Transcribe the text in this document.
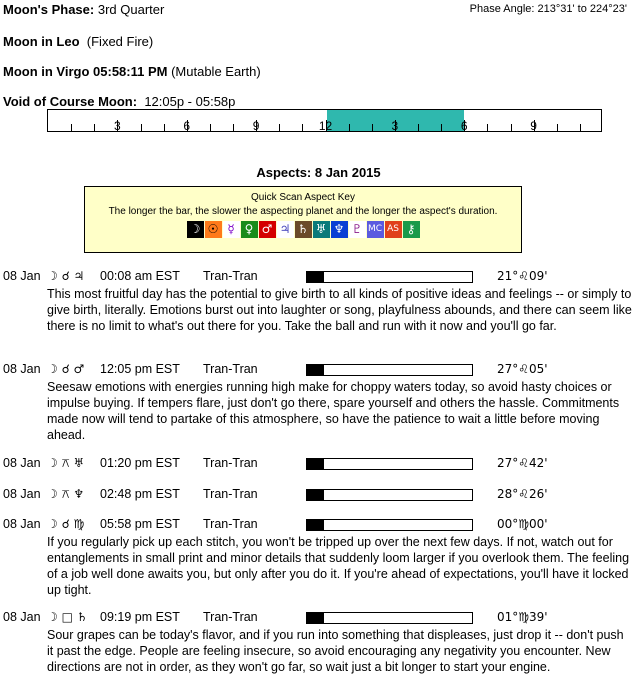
Moon's Phase: 3rd Quarter	Phase Angle: 213°31' to 224°23'
Moon in Leo (Fixed Fire)
Moon in Virgo 05:58:11 PM (Mutable Earth)
Void of Course Moon: 12:05p - 05:58p
3	6	9	12	3	6	9
Aspects: 8 Jan 2015
Quick Scan Aspect Key
The longer the bar, the slower the aspecting planet and the longer the aspect's duration.
☽ ☉ ☿ ♀ ♂ ♃ ♄ ♅ ♆ ♇ MC AS ⚷
08 Jan ☽ ☌ ♃ 00:08 am EST Tran-Tran	21°♌09'
This most fruitful day has the potential to give birth to all kinds of positive ideas and feelings -- or simply to give birth, literally. Emotions burst out into laughter or song, playfulness abounds, and there can seem like there is no limit to what's out there for you. Take the ball and run with it now and you'll go far.
08 Jan ☽ ☌ ♂ 12:05 pm EST Tran-Tran	27°♌05'
Seesaw emotions with energies running high make for choppy waters today, so avoid hasty choices or impulse buying. If tempers flare, just don't go there, spare yourself and others the hassle. Commitments made now will tend to partake of this atmosphere, so have the patience to wait a little before moving ahead.
08 Jan ☽ ⚻ ♅ 01:20 pm EST Tran-Tran	27°♌42'
08 Jan ☽ ⚻ ♆ 02:48 pm EST Tran-Tran	28°♌26'
08 Jan ☽ ☌ ♍ 05:58 pm EST Tran-Tran	00°♍00'
If you regularly pick up each stitch, you won't be tripped up over the next few days. If not, watch out for entanglements in small print and minor details that suddenly loom larger if you overlook them. The feeling of a job well done awaits you, but only after you do it. If you're ahead of expectations, you'll have it locked up tight.
08 Jan ☽ □ ♄ 09:19 pm EST Tran-Tran	01°♍39'
Sour grapes can be today's flavor, and if you run into something that displeases, just drop it -- don't push it past the edge. People are feeling insecure, so avoid encouraging any negativity you encounter. New directions are not in order, as they won't go far, so wait just a bit longer to start your engine.
